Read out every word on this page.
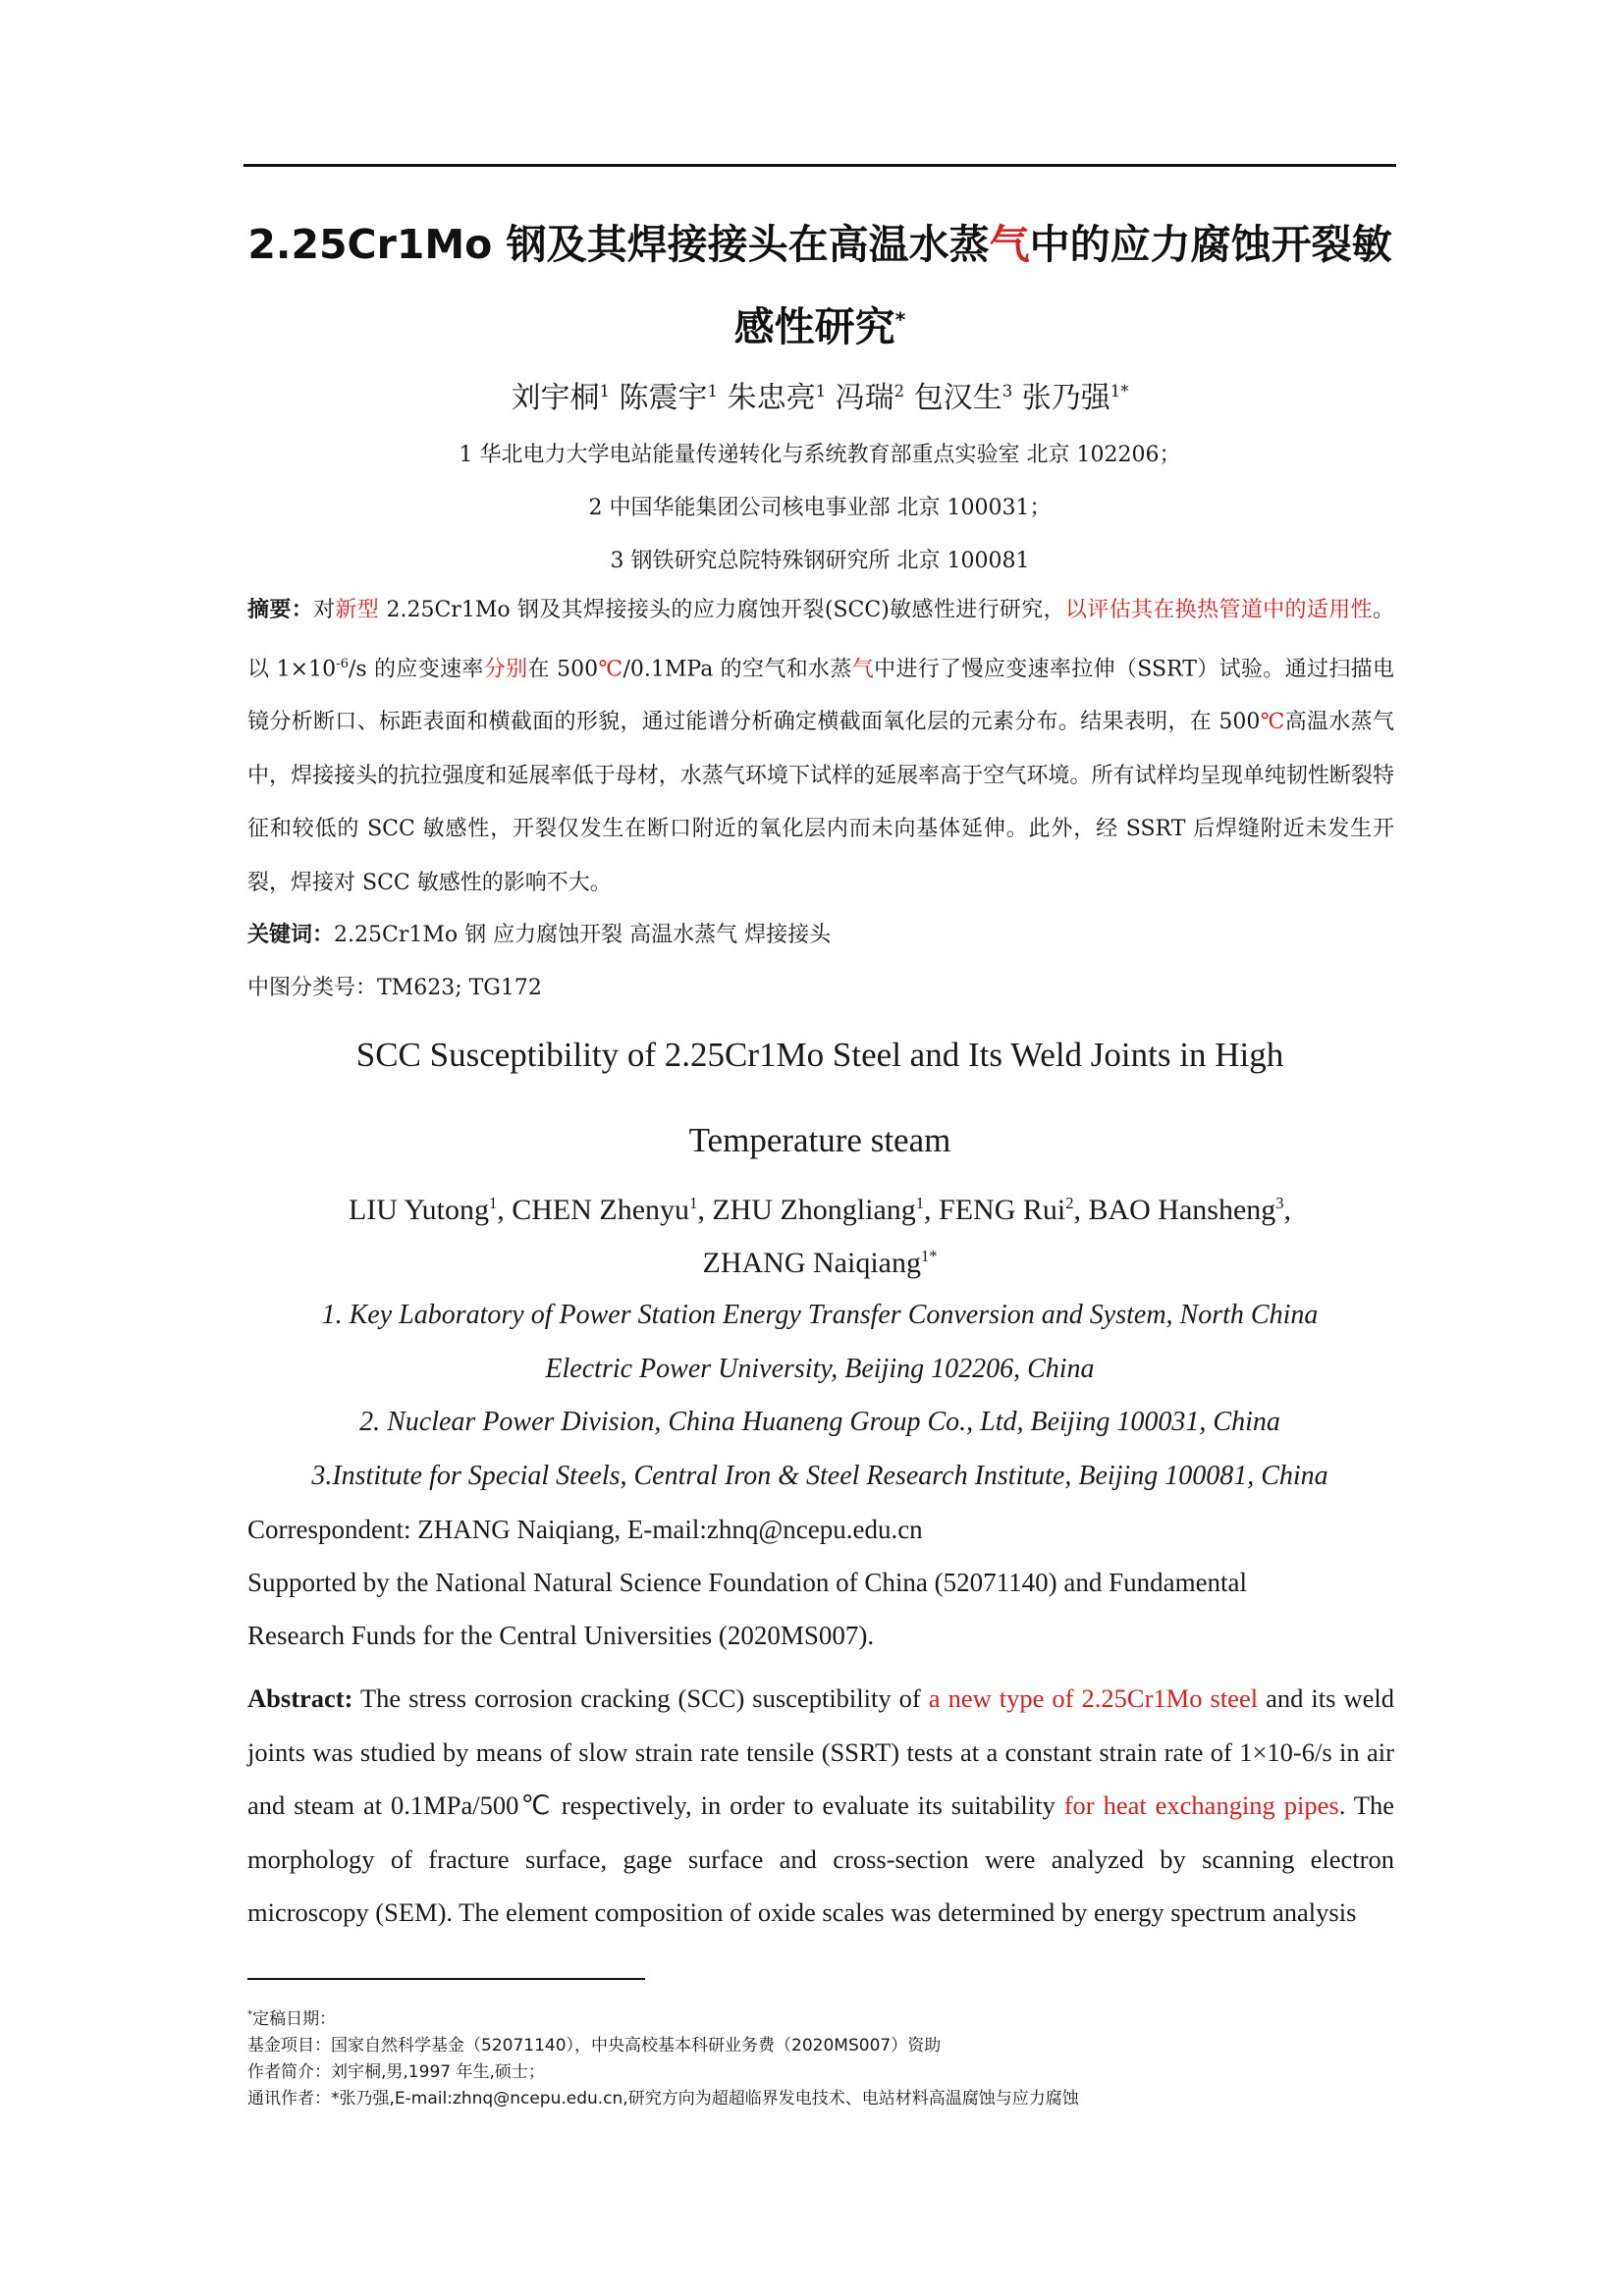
2.25Cr1Mo 钢及其焊接接头在高温水蒸气中的应力腐蚀开裂敏
感性研究*
刘宇桐$^1$ 陈震宇$^1$ 朱忠亮$^1$ 冯瑞$^2$ 包汉生$^3$ 张乃强$^{1*}$
1 华北电力大学电站能量传递转化与系统教育部重点实验室 北京 102206；
2 中国华能集团公司核电事业部 北京 100031；
3 钢铁研究总院特殊钢研究所 北京 100081
摘要：对新型 2.25Cr1Mo 钢及其焊接接头的应力腐蚀开裂(SCC)敏感性进行研究，以评估其在换热管道中的适用性。以 $1\times 10^{-6}/s$ 的应变速率分别在 500℃/0.1MPa 的空气和水蒸气中进行了慢应变速率拉伸（SSRT）试验。通过扫描电镜分析断口、标距表面和横截面的形貌，通过能谱分析确定横截面氧化层的元素分布。结果表明，在 500℃高温水蒸气中，焊接接头的抗拉强度和延展率低于母材，水蒸气环境下试样的延展率高于空气环境。所有试样均呈现单纯韧性断裂特征和较低的 SCC 敏感性，开裂仅发生在断口附近的氧化层内而未向基体延伸。此外，经 SSRT 后焊缝附近未发生开裂，焊接对 SCC 敏感性的影响不大。
关键词：2.25Cr1Mo 钢 应力腐蚀开裂 高温水蒸气 焊接接头
中图分类号：TM623; TG172
SCC Susceptibility of 2.25Cr1Mo Steel and Its Weld Joints in High
Temperature steam
LIU Yutong$^1$, CHEN Zhenyu$^1$, ZHU Zhongliang$^1$, FENG Rui$^2$, BAO Hansheng$^3$,
ZHANG Naiqiang$^{1*}$
1. Key Laboratory of Power Station Energy Transfer Conversion and System, North China
Electric Power University, Beijing 102206, China
2. Nuclear Power Division, China Huaneng Group Co., Ltd, Beijing 100031, China
3.Institute for Special Steels, Central Iron & Steel Research Institute, Beijing 100081, China
Correspondent: ZHANG Naiqiang, E-mail:zhnq@ncepu.edu.cn
Supported by the National Natural Science Foundation of China (52071140) and Fundamental
Research Funds for the Central Universities (2020MS007).
Abstract: The stress corrosion cracking (SCC) susceptibility of a new type of 2.25Cr1Mo steel and its weld joints was studied by means of slow strain rate tensile (SSRT) tests at a constant strain rate of 1×10-6/s in air and steam at 0.1MPa/500℃ respectively, in order to evaluate its suitability for heat exchanging pipes. The morphology of fracture surface, gage surface and cross-section were analyzed by scanning electron microscopy (SEM). The element composition of oxide scales was determined by energy spectrum analysis
*定稿日期：
基金项目：国家自然科学基金（52071140），中央高校基本科研业务费（2020MS007）资助
作者简介：刘宇桐,男,1997 年生,硕士；
通讯作者：*张乃强,E-mail:zhnq@ncepu.edu.cn,研究方向为超超临界发电技术、电站材料高温腐蚀与应力腐蚀
